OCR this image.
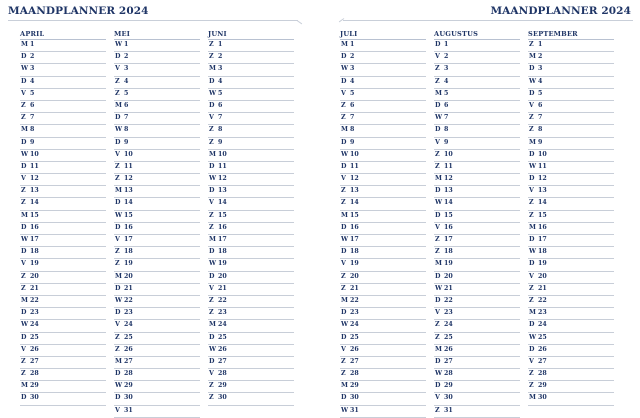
MAANDPLANNER 2024	MAANDPLANNER 2024
APRIL
M 1
D 2
W 3
D 4
V 5
Z 6
Z 7
M 8
D 9
W 10
D 11
V 12
Z 13
Z 14
M 15
D 16
W 17
D 18
V 19
Z 20
Z 21
M 22
D 23
W 24
D 25
V 26
Z 27
Z 28
M 29
D 30
MEI
W 1
D 2
V 3
Z 4
Z 5
M 6
D 7
W 8
D 9
V 10
Z 11
Z 12
M 13
D 14
W 15
D 16
V 17
Z 18
Z 19
M 20
D 21
W 22
D 23
V 24
Z 25
Z 26
M 27
D 28
W 29
D 30
V 31
JUNI
Z 1
Z 2
M 3
D 4
W 5
D 6
V 7
Z 8
Z 9
M 10
D 11
W 12
D 13
V 14
Z 15
Z 16
M 17
D 18
W 19
D 20
V 21
Z 22
Z 23
M 24
D 25
W 26
D 27
V 28
Z 29
Z 30
JULI
M 1
D 2
W 3
D 4
V 5
Z 6
Z 7
M 8
D 9
W 10
D 11
V 12
Z 13
Z 14
M 15
D 16
W 17
D 18
V 19
Z 20
Z 21
M 22
D 23
W 24
D 25
V 26
Z 27
Z 28
M 29
D 30
W 31
AUGUSTUS
D 1
V 2
Z 3
Z 4
M 5
D 6
W 7
D 8
V 9
Z 10
Z 11
M 12
D 13
W 14
D 15
V 16
Z 17
Z 18
M 19
D 20
W 21
D 22
V 23
Z 24
Z 25
M 26
D 27
W 28
D 29
V 30
Z 31
SEPTEMBER
Z 1
M 2
D 3
W 4
D 5
V 6
Z 7
Z 8
M 9
D 10
W 11
D 12
V 13
Z 14
Z 15
M 16
D 17
W 18
D 19
V 20
Z 21
Z 22
M 23
D 24
W 25
D 26
V 27
Z 28
Z 29
M 30
